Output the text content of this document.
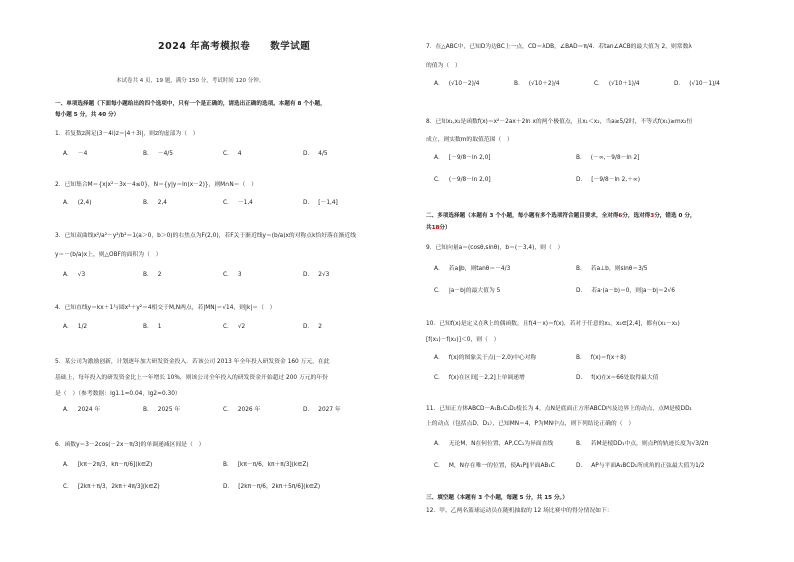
2024 年高考模拟卷　　数学试题
本试卷共 4 页，19 题，满分 150 分，考试时间 120 分钟。
一、单项选择题（下面每小题给出的四个选项中，只有一个是正确的，请选出正确的选项。本题有 8 个小题，
每小题 5 分，共 40 分）
1．若复数z满足(3－4i)z＝|4＋3i|，则z的虚部为（　）
A． －4	B． －4/5	C． 4	D． 4/5
2．已知集合M＝{x|x²－3x－4≤0}，N＝{y|y＝ln(x－2)}，则M∩N＝（　）
A． (2,4)	B． 2,4	C． －1,4	D． [－1,4]
3．已知双曲线x²/a²－y²/b²＝1(a＞0，b＞0)的右焦点为F(2,0)，若F关于渐近线y＝(b/a)x的对称点k恰好落在渐近线
y＝－(b/a)x上，则△OBF的面积为（　）
A． √3	B． 2	C． 3	D． 2√3
4．已知直线y＝kx＋1与圆x²＋y²＝4相交于M,N两点，若|MN|＝√14，则|k|＝（　）
A． 1/2	B． 1	C． √2	D． 2
5．某公司为激励创新，计划逐年加大研发资金投入．若该公司 2013 年全年投入研发资金 160 万元，在此
基础上，每年投入的研发资金比上一年增长 10%，则该公司全年投入的研发资金开始超过 200 万元的年份
是（　）（参考数据：lg1.1≈0.04，lg2≈0.30）
A． 2024 年	B． 2025 年	C． 2026 年	D． 2027 年
6．函数y＝3－2cos(－2x－π/3)的单调递减区间是（　）
A． [kπ－2π/3，kπ－π/6](k∈Z)	B． [kπ－π/6，kπ＋π/3](k∈Z)
C． [2kπ＋π/3，2kπ＋4π/3](k∈Z)	D． [2kπ－π/6，2kπ＋5π/6](k∈Z)
7．在△ABC中，已知D为边BC上一点，CD＝λDB，∠BAD＝π/4．若tan∠ACB的最大值为 2，则常数λ
的值为（　）
A． (√10－2)/4	B． (√10＋2)/4	C． (√10＋1)/4	D． (√10－1)/4
8．已知x₁,x₂是函数f(x)＝x²－2ax＋2ln x的两个极值点，且x₁＜x₂，当a≥5/2时，不等式f(x₁)≥mx₂恒
成立，则实数m的取值范围（　）
A． [－9/8－ln 2,0]	B． (－∞,－9/8－ln 2]
C． (－9/8－ln 2,0]	D． [－9/8－ln 2,＋∞)
二、多项选择题（本题有 3 个小题，每小题有多个选项符合题目要求，全对得6分，选对得3分，错选 0 分，
共18分）
9．已知向量a＝(cosθ,sinθ)，b＝(－3,4)，则（　）
A． 若a∥b，则tanθ＝－4/3	B． 若a⊥b，则sinθ＝3/5
C． |a－b|的最大值为 5	D． 若a·(a－b)＝0，则|a－b|＝2√6
10．已知f(x)是定义在R上的偶函数，且f(4－x)＝f(x)，若对于任意的x₁，x₂∈[2,4]，都有(x₁－x₂)
[f(x₁)－f(x₂)]＜0，则（　）
A． f(x)的图象关于点(－2,0)中心对称	B． f(x)＝f(x＋8)
C． f(x)在区间[－2,2]上单调递增	D． f(x)在x＝66处取得最大值
11．已知正方体ABCD－A₁B₁C₁D₁棱长为 4，点N是底面正方形ABCD内及边界上的动点，点M是棱DD₁
上的动点（包括点D，D₁），已知MN＝4，P为MN中点，则下列结论正确的（　）
A． 无论M，N在何位置，AP,CC₁为异面直线	B． 若M是棱DD₁中点，则点P的轨迹长度为√3/2π
C． M，N存在唯一的位置，使A₁P∥平面AB₁C	D． AP与平面A₁BCD₁所成角的正弦最大值为1/2
三、填空题（本题有 3 个小题，每题 5 分，共 15 分。）
12．甲、乙两名篮球运动员在随机抽取的 12 场比赛中的得分情况如下：
